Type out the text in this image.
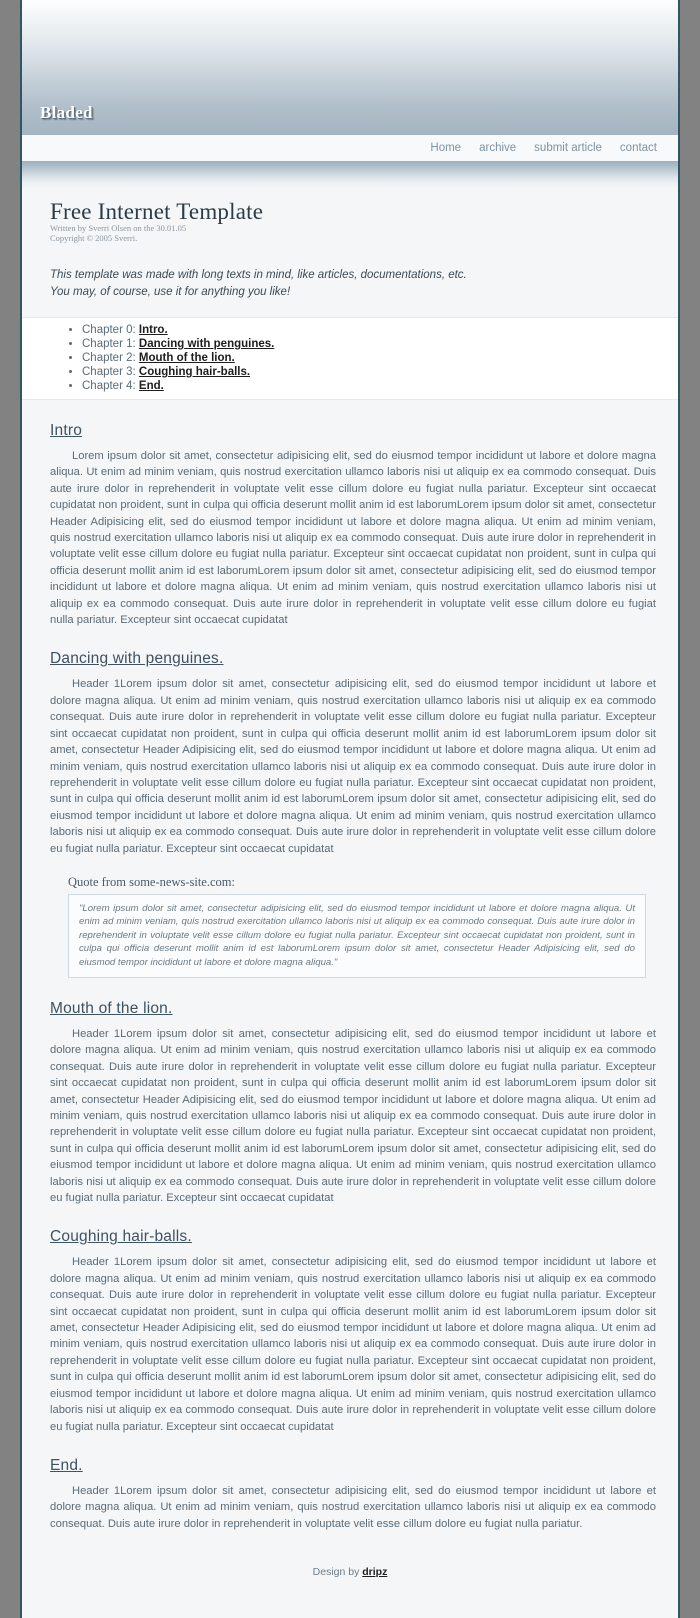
Bladed
Home archive submit article contact
Free Internet Template
Written by Sverri Olsen on the 30.01.05
Copyright © 2005 Sverri.
This template was made with long texts in mind, like articles, documentations, etc.
You may, of course, use it for anything you like!
• Chapter 0: Intro.
• Chapter 1: Dancing with penguines.
• Chapter 2: Mouth of the lion.
• Chapter 3: Coughing hair-balls.
• Chapter 4: End.
Intro

Lorem ipsum dolor sit amet, consectetur adipisicing elit, sed do eiusmod tempor incididunt ut labore et dolore magna aliqua. Ut enim ad minim veniam, quis nostrud exercitation ullamco laboris nisi ut aliquip ex ea commodo consequat. Duis aute irure dolor in reprehenderit in voluptate velit esse cillum dolore eu fugiat nulla pariatur. Excepteur sint occaecat cupidatat non proident, sunt in culpa qui officia deserunt mollit anim id est laborumLorem ipsum dolor sit amet, consectetur Header Adipisicing elit, sed do eiusmod tempor incididunt ut labore et dolore magna aliqua. Ut enim ad minim veniam, quis nostrud exercitation ullamco laboris nisi ut aliquip ex ea commodo consequat. Duis aute irure dolor in reprehenderit in voluptate velit esse cillum dolore eu fugiat nulla pariatur. Excepteur sint occaecat cupidatat non proident, sunt in culpa qui officia deserunt mollit anim id est laborumLorem ipsum dolor sit amet, consectetur adipisicing elit, sed do eiusmod tempor incididunt ut labore et dolore magna aliqua. Ut enim ad minim veniam, quis nostrud exercitation ullamco laboris nisi ut aliquip ex ea commodo consequat. Duis aute irure dolor in reprehenderit in voluptate velit esse cillum dolore eu fugiat nulla pariatur. Excepteur sint occaecat cupidatat

Dancing with penguines.

Header 1Lorem ipsum dolor sit amet, consectetur adipisicing elit, sed do eiusmod tempor incididunt ut labore et dolore magna aliqua. Ut enim ad minim veniam, quis nostrud exercitation ullamco laboris nisi ut aliquip ex ea commodo consequat. Duis aute irure dolor in reprehenderit in voluptate velit esse cillum dolore eu fugiat nulla pariatur. Excepteur sint occaecat cupidatat non proident, sunt in culpa qui officia deserunt mollit anim id est laborumLorem ipsum dolor sit amet, consectetur Header Adipisicing elit, sed do eiusmod tempor incididunt ut labore et dolore magna aliqua. Ut enim ad minim veniam, quis nostrud exercitation ullamco laboris nisi ut aliquip ex ea commodo consequat. Duis aute irure dolor in reprehenderit in voluptate velit esse cillum dolore eu fugiat nulla pariatur. Excepteur sint occaecat cupidatat non proident, sunt in culpa qui officia deserunt mollit anim id est laborumLorem ipsum dolor sit amet, consectetur adipisicing elit, sed do eiusmod tempor incididunt ut labore et dolore magna aliqua. Ut enim ad minim veniam, quis nostrud exercitation ullamco laboris nisi ut aliquip ex ea commodo consequat. Duis aute irure dolor in reprehenderit in voluptate velit esse cillum dolore eu fugiat nulla pariatur. Excepteur sint occaecat cupidatat

Quote from some-news-site.com:

"Lorem ipsum dolor sit amet, consectetur adipisicing elit, sed do eiusmod tempor incididunt ut labore et dolore magna aliqua. Ut enim ad minim veniam, quis nostrud exercitation ullamco laboris nisi ut aliquip ex ea commodo consequat. Duis aute irure dolor in reprehenderit in voluptate velit esse cillum dolore eu fugiat nulla pariatur. Excepteur sint occaecat cupidatat non proident, sunt in culpa qui officia deserunt mollit anim id est laborumLorem ipsum dolor sit amet, consectetur Header Adipisicing elit, sed do eiusmod tempor incididunt ut labore et dolore magna aliqua."

Mouth of the lion.

Header 1Lorem ipsum dolor sit amet, consectetur adipisicing elit, sed do eiusmod tempor incididunt ut labore et dolore magna aliqua. Ut enim ad minim veniam, quis nostrud exercitation ullamco laboris nisi ut aliquip ex ea commodo consequat. Duis aute irure dolor in reprehenderit in voluptate velit esse cillum dolore eu fugiat nulla pariatur. Excepteur sint occaecat cupidatat non proident, sunt in culpa qui officia deserunt mollit anim id est laborumLorem ipsum dolor sit amet, consectetur Header Adipisicing elit, sed do eiusmod tempor incididunt ut labore et dolore magna aliqua. Ut enim ad minim veniam, quis nostrud exercitation ullamco laboris nisi ut aliquip ex ea commodo consequat. Duis aute irure dolor in reprehenderit in voluptate velit esse cillum dolore eu fugiat nulla pariatur. Excepteur sint occaecat cupidatat non proident, sunt in culpa qui officia deserunt mollit anim id est laborumLorem ipsum dolor sit amet, consectetur adipisicing elit, sed do eiusmod tempor incididunt ut labore et dolore magna aliqua. Ut enim ad minim veniam, quis nostrud exercitation ullamco laboris nisi ut aliquip ex ea commodo consequat. Duis aute irure dolor in reprehenderit in voluptate velit esse cillum dolore eu fugiat nulla pariatur. Excepteur sint occaecat cupidatat

Coughing hair-balls.

Header 1Lorem ipsum dolor sit amet, consectetur adipisicing elit, sed do eiusmod tempor incididunt ut labore et dolore magna aliqua. Ut enim ad minim veniam, quis nostrud exercitation ullamco laboris nisi ut aliquip ex ea commodo consequat. Duis aute irure dolor in reprehenderit in voluptate velit esse cillum dolore eu fugiat nulla pariatur. Excepteur sint occaecat cupidatat non proident, sunt in culpa qui officia deserunt mollit anim id est laborumLorem ipsum dolor sit amet, consectetur Header Adipisicing elit, sed do eiusmod tempor incididunt ut labore et dolore magna aliqua. Ut enim ad minim veniam, quis nostrud exercitation ullamco laboris nisi ut aliquip ex ea commodo consequat. Duis aute irure dolor in reprehenderit in voluptate velit esse cillum dolore eu fugiat nulla pariatur. Excepteur sint occaecat cupidatat non proident, sunt in culpa qui officia deserunt mollit anim id est laborumLorem ipsum dolor sit amet, consectetur adipisicing elit, sed do eiusmod tempor incididunt ut labore et dolore magna aliqua. Ut enim ad minim veniam, quis nostrud exercitation ullamco laboris nisi ut aliquip ex ea commodo consequat. Duis aute irure dolor in reprehenderit in voluptate velit esse cillum dolore eu fugiat nulla pariatur. Excepteur sint occaecat cupidatat

End.

Header 1Lorem ipsum dolor sit amet, consectetur adipisicing elit, sed do eiusmod tempor incididunt ut labore et dolore magna aliqua. Ut enim ad minim veniam, quis nostrud exercitation ullamco laboris nisi ut aliquip ex ea commodo consequat. Duis aute irure dolor in reprehenderit in voluptate velit esse cillum dolore eu fugiat nulla pariatur.

Design by dripz
